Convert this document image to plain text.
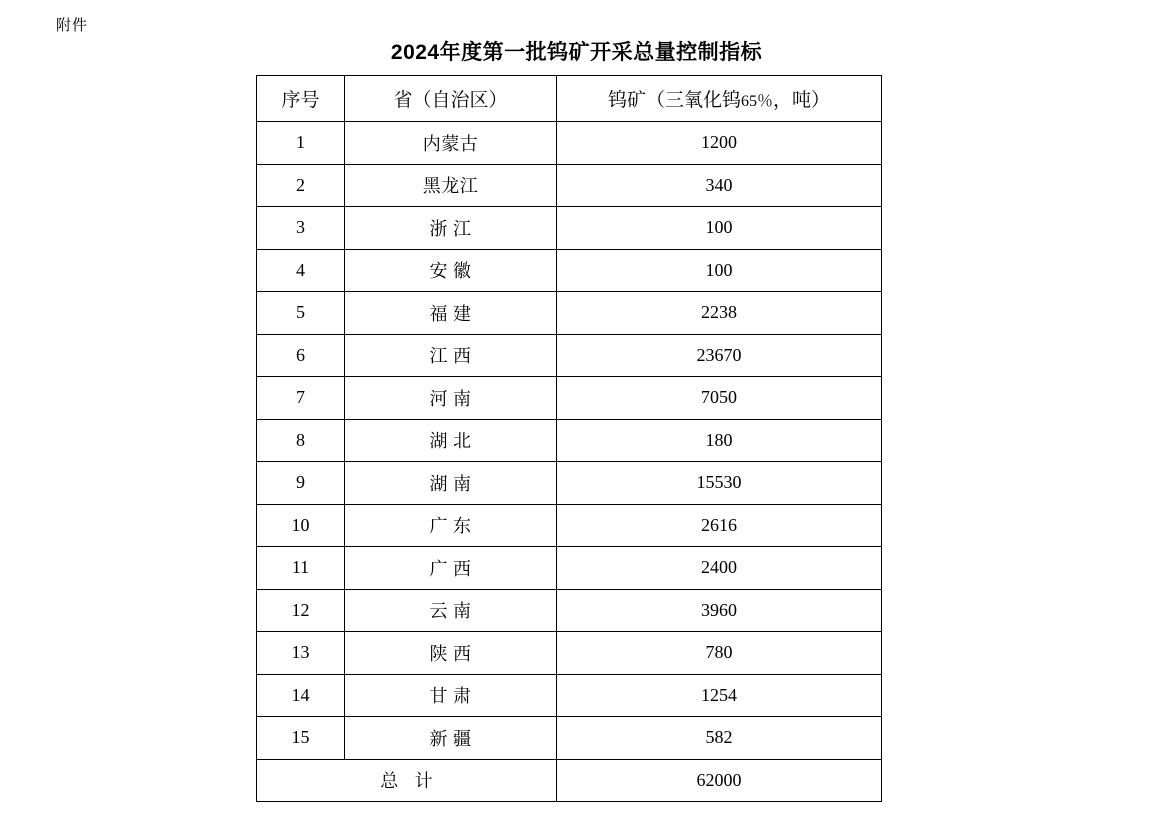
附件
2024年度第一批钨矿开采总量控制指标
序号	省（自治区）	钨矿（三氧化钨65％，吨）
1	内蒙古	1200
2	黑龙江	340
3	浙 江	100
4	安 徽	100
5	福 建	2238
6	江 西	23670
7	河 南	7050
8	湖 北	180
9	湖 南	15530
10	广 东	2616
11	广 西	2400
12	云 南	3960
13	陕 西	780
14	甘 肃	1254
15	新 疆	582
总 计		62000
